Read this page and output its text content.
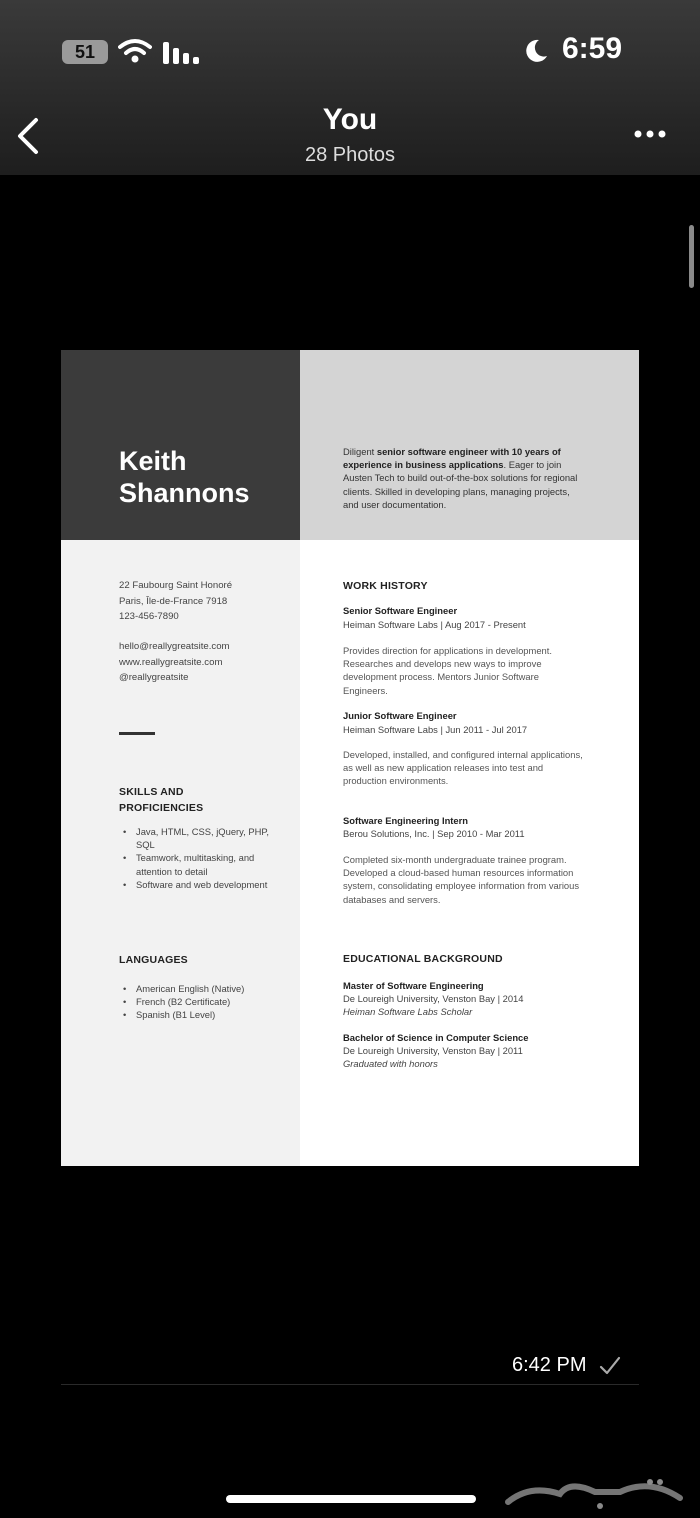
51	6:59
You
28 Photos
Keith
Shannons
Diligent senior software engineer with 10 years of experience in business applications. Eager to join Austen Tech to build out-of-the-box solutions for regional clients. Skilled in developing plans, managing projects, and user documentation.
22 Faubourg Saint Honoré
Paris, Île-de-France 7918
123-456-7890
hello@reallygreatsite.com
www.reallygreatsite.com
@reallygreatsite
SKILLS AND
PROFICIENCIES
• Java, HTML, CSS, jQuery, PHP, SQL
• Teamwork, multitasking, and attention to detail
• Software and web development
LANGUAGES
• American English (Native)
• French (B2 Certificate)
• Spanish (B1 Level)
WORK HISTORY
Senior Software Engineer
Heiman Software Labs | Aug 2017 - Present
Provides direction for applications in development. Researches and develops new ways to improve development process. Mentors Junior Software Engineers.
Junior Software Engineer
Heiman Software Labs | Jun 2011 - Jul 2017
Developed, installed, and configured internal applications, as well as new application releases into test and production environments.
Software Engineering Intern
Berou Solutions, Inc. | Sep 2010 - Mar 2011
Completed six-month undergraduate trainee program. Developed a cloud-based human resources information system, consolidating employee information from various databases and servers.
EDUCATIONAL BACKGROUND
Master of Software Engineering
De Loureigh University, Venston Bay | 2014
Heiman Software Labs Scholar
Bachelor of Science in Computer Science
De Loureigh University, Venston Bay | 2011
Graduated with honors
6:42 PM
